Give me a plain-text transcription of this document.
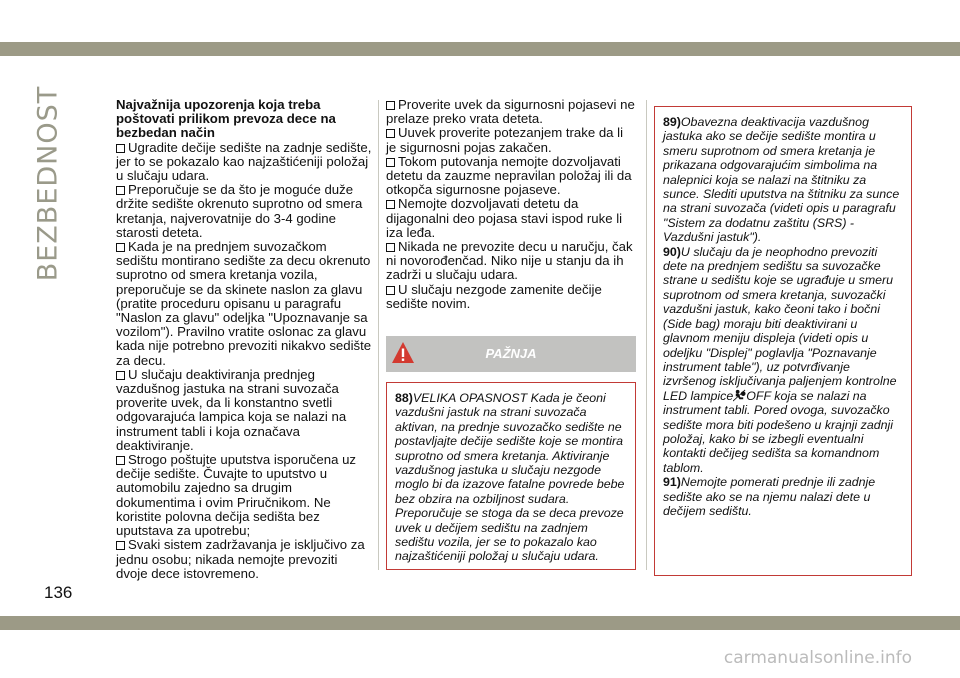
BEZBEDNOST	Najvažnija upozorenja koja treba poštovati prilikom prevoza dece na bezbedan način

Ugradite dečije sedište na zadnje sedište, jer to se pokazalo kao najzaštićeniji položaj u slučaju udara.

Preporučuje se da što je moguće duže držite sedište okrenuto suprotno od smera kretanja, najverovatnije do 3-4 godine starosti deteta.

Kada je na prednjem suvozačkom sedištu montirano sedište za decu okrenuto suprotno od smera kretanja vozila, preporučuje se da skinete naslon za glavu (pratite proceduru opisanu u paragrafu "Naslon za glavu" odeljka "Upoznavanje sa vozilom"). Pravilno vratite oslonac za glavu kada nije potrebno prevoziti nikakvo sedište za decu.

U slučaju deaktiviranja prednjeg vazdušnog jastuka na strani suvozača proverite uvek, da li konstantno svetli odgovarajuća lampica koja se nalazi na instrument tabli i koja označava deaktiviranje.

Strogo poštujte uputstva isporučena uz dečije sedište. Čuvajte to uputstvo u automobilu zajedno sa drugim dokumentima i ovim Priručnikom. Ne koristite polovna dečija sedišta bez uputstava za upotrebu;

Svaki sistem zadržavanja je isključivo za jednu osobu; nikada nemojte prevoziti dvoje dece istovremeno.

Proverite uvek da sigurnosni pojasevi ne prelaze preko vrata deteta.

Uuvek proverite potezanjem trake da li je sigurnosni pojas zakačen.

Tokom putovanja nemojte dozvoljavati detetu da zauzme nepravilan položaj ili da otkopča sigurnosne pojaseve.

Nemojte dozvoljavati detetu da dijagonalni deo pojasa stavi ispod ruke li iza leđa.

Nikada ne prevozite decu u naručju, čak ni novorođenčad. Niko nije u stanju da ih zadrži u slučaju udara.

U slučaju nezgode zamenite dečije sedište novim.

PAŽNJA

88)VELIKA OPASNOST Kada je čeoni vazdušni jastuk na strani suvozača aktivan, na prednje suvozačko sedište ne postavljajte dečije sedište koje se montira suprotno od smera kretanja. Aktiviranje vazdušnog jastuka u slučaju nezgode moglo bi da izazove fatalne povrede bebe bez obzira na ozbiljnost sudara. Preporučuje se stoga da se deca prevoze uvek u dečijem sedištu na zadnjem sedištu vozila, jer se to pokazalo kao najzaštićeniji položaj u slučaju udara.

89)Obavezna deaktivacija vazdušnog jastuka ako se dečije sedište montira u smeru suprotnom od smera kretanja je prikazana odgovarajućim simbolima na nalepnici koja se nalazi na štitniku za sunce. Slediti uputstva na štitniku za sunce na strani suvozača (videti opis u paragrafu "Sistem za dodatnu zaštitu (SRS) - Vazdušni jastuk").

90)U slučaju da je neophodno prevoziti dete na prednjem sedištu sa suvozačke strane u sedištu koje se ugrađuje u smeru suprotnom od smera kretanja, suvozački vazdušni jastuk, kako čeoni tako i bočni (Side bag) moraju biti deaktivirani u glavnom meniju displeja (videti opis u odeljku "Displej" poglavlja "Poznavanje instrument table"), uz potvrđivanje izvršenog isključivanja paljenjem kontrolne LED lampice OFF koja se nalazi na instrument tabli. Pored ovoga, suvozačko sedište mora biti podešeno u krajnji zadnji položaj, kako bi se izbegli eventualni kontakti dečijeg sedišta sa komandnom tablom.

91)Nemojte pomerati prednje ili zadnje sedište ako se na njemu nalazi dete u dečijem sedištu.

136
carmanualsonline.info
